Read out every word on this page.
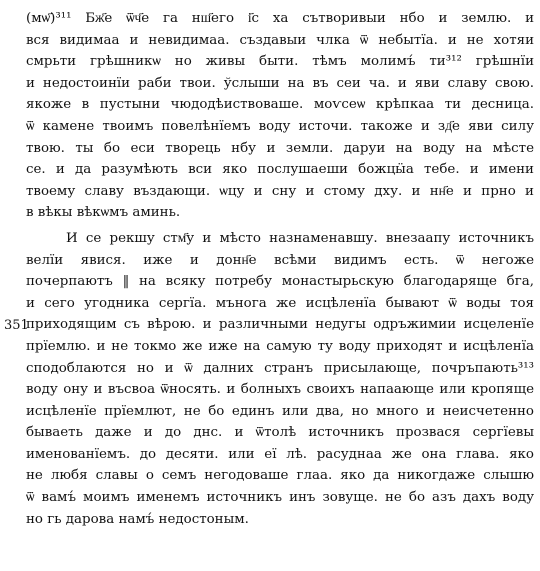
351
(мѡ҃)³¹¹ Бж҃е ѿч҃е га нш҃его і҃с ха сътворивыи нбо и землю. и
вся видимаа и невидимаа. създавыи члка ѿ небытїа. и не хотяи
смрьти грѣшникѡ но живы быти. тѣмъ молимъ́ ти³¹² грѣшнїи
и недостоинїи раби твои. ўслыши на въ сеи ча. и яви славу свою.
якоже в пустыни чюдодѣиствоваше. моѵсеѡ крѣпкаа ти десница.
ѿ камене твоимъ повелѣнїемъ воду источи. такоже и зд҃е яви силу
твою. ты бо еси творець нбу и земли. даруи на воду на мѣсте
се. и да разумѣють вси яко послушаеши божцӹа тебе. и имени
твоему славу въздающи. ѡцу и сну и стому дху. и нн҃е и прно и
в вѣкы вѣкѡмъ аминь.
И се рекшу стм҃у и мѣсто назнаменавшу. внезаапу источникъ
велїи явися. иже и донн҃е всѣми видимъ есть. ѿ негоже
почерпаютъ ‖ на всяку потребу монастырьскую благодаряще бга,
и сего угодника сергїа. мънога же исцѣленїа бывают ѿ воды тоя
приходящим съ вѣрою. и различными недугы одръжимии исцеленїе
прїемлю. и не токмо же иже на самую ту воду приходят и исцѣленїа
сподоблаются но и ѿ далних странъ присылающе, почръпають³¹³
воду ону и въсвоа ѿносять. и болныхъ своихъ напаающе или кропяще
исцѣленїе прїемлют, не бо единъ или два, но много и неисчетенно
бываеть даже и до днс. и ѿтолѣ источникъ прозвася сергїевы
именованїемъ. до десяти. или еї лѣ. расуднаа же она глава. яко
не любя славы о семъ негодоваше глаа. яко да никогдаже слышю
ѿ вамъ́ моимъ именемъ источникъ инъ зовуще. не бо азъ дахъ воду
но гь дарова намъ́ недостоным.
